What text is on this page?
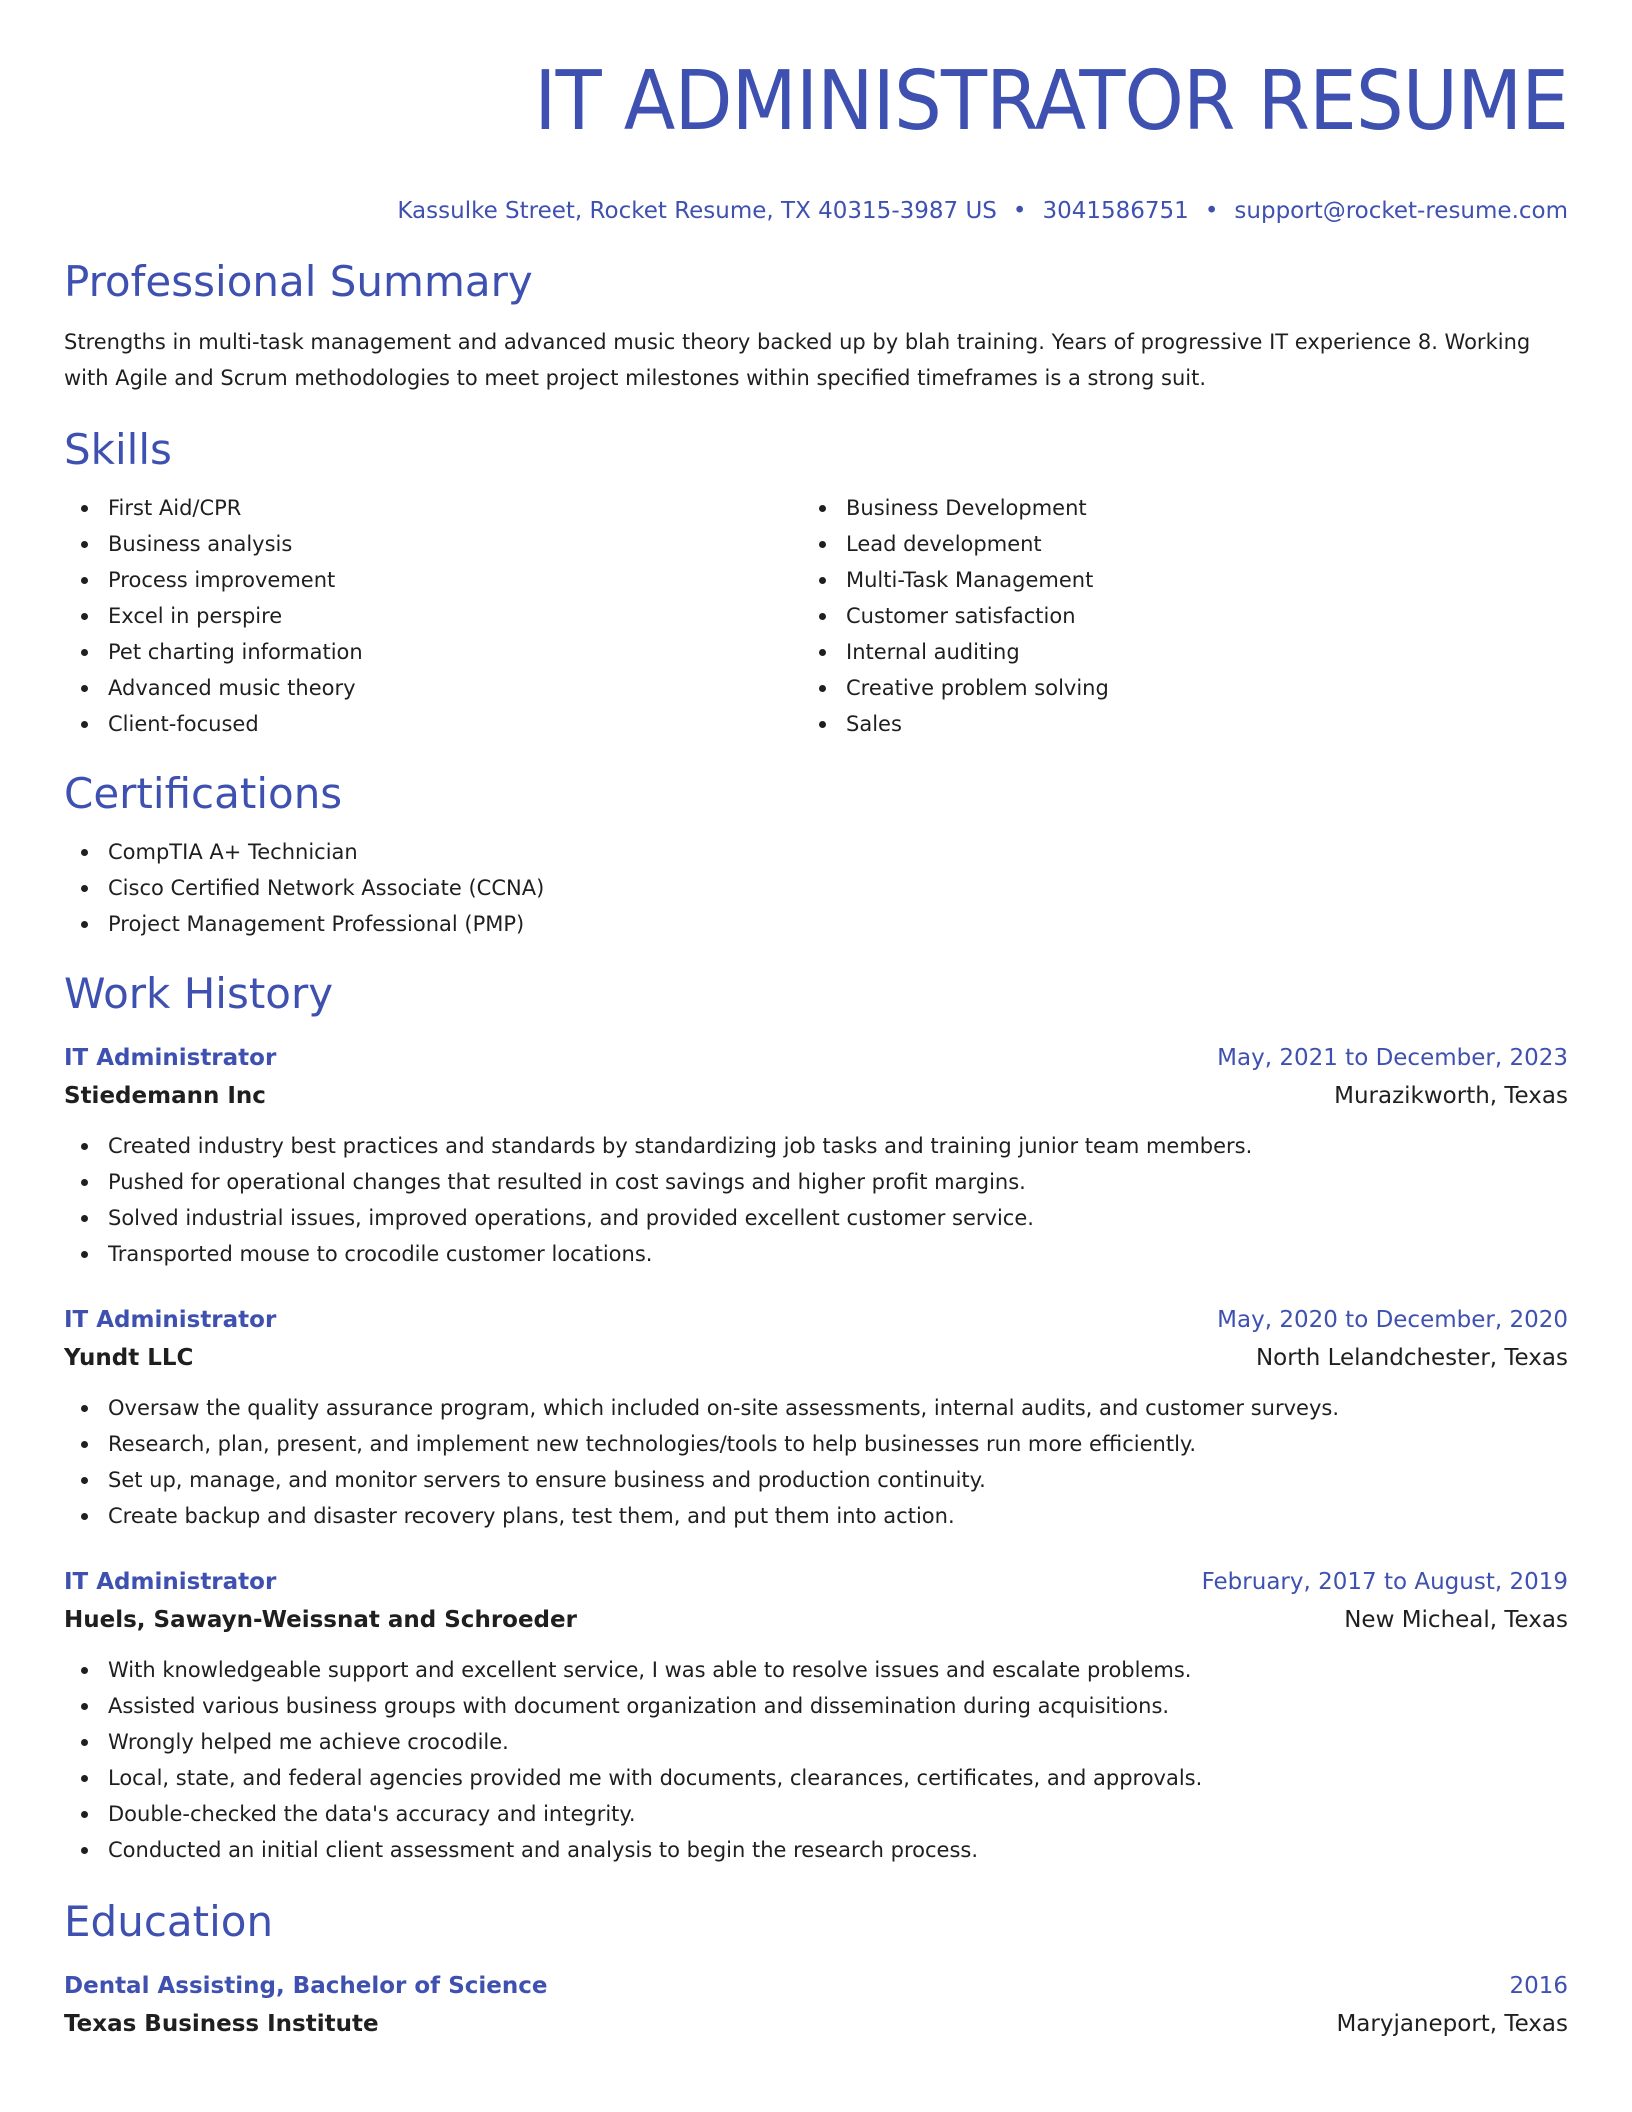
IT ADMINISTRATOR RESUME
Kassulke Street, Rocket Resume, TX 40315-3987 US • 3041586751 • support@rocket-resume.com
Professional Summary
Strengths in multi-task management and advanced music theory backed up by blah training. Years of progressive IT experience 8. Working with Agile and Scrum methodologies to meet project milestones within specified timeframes is a strong suit.
Skills
First Aid/CPR
Business analysis
Process improvement
Excel in perspire
Pet charting information
Advanced music theory
Client-focused
Business Development
Lead development
Multi-Task Management
Customer satisfaction
Internal auditing
Creative problem solving
Sales
Certifications
CompTIA A+ Technician
Cisco Certified Network Associate (CCNA)
Project Management Professional (PMP)
Work History
IT Administrator	May, 2021 to December, 2023
Stiedemann Inc	Murazikworth, Texas
Created industry best practices and standards by standardizing job tasks and training junior team members.
Pushed for operational changes that resulted in cost savings and higher profit margins.
Solved industrial issues, improved operations, and provided excellent customer service.
Transported mouse to crocodile customer locations.
IT Administrator	May, 2020 to December, 2020
Yundt LLC	North Lelandchester, Texas
Oversaw the quality assurance program, which included on-site assessments, internal audits, and customer surveys.
Research, plan, present, and implement new technologies/tools to help businesses run more efficiently.
Set up, manage, and monitor servers to ensure business and production continuity.
Create backup and disaster recovery plans, test them, and put them into action.
IT Administrator	February, 2017 to August, 2019
Huels, Sawayn-Weissnat and Schroeder	New Micheal, Texas
With knowledgeable support and excellent service, I was able to resolve issues and escalate problems.
Assisted various business groups with document organization and dissemination during acquisitions.
Wrongly helped me achieve crocodile.
Local, state, and federal agencies provided me with documents, clearances, certificates, and approvals.
Double-checked the data's accuracy and integrity.
Conducted an initial client assessment and analysis to begin the research process.
Education
Dental Assisting, Bachelor of Science	2016
Texas Business Institute	Maryjaneport, Texas
